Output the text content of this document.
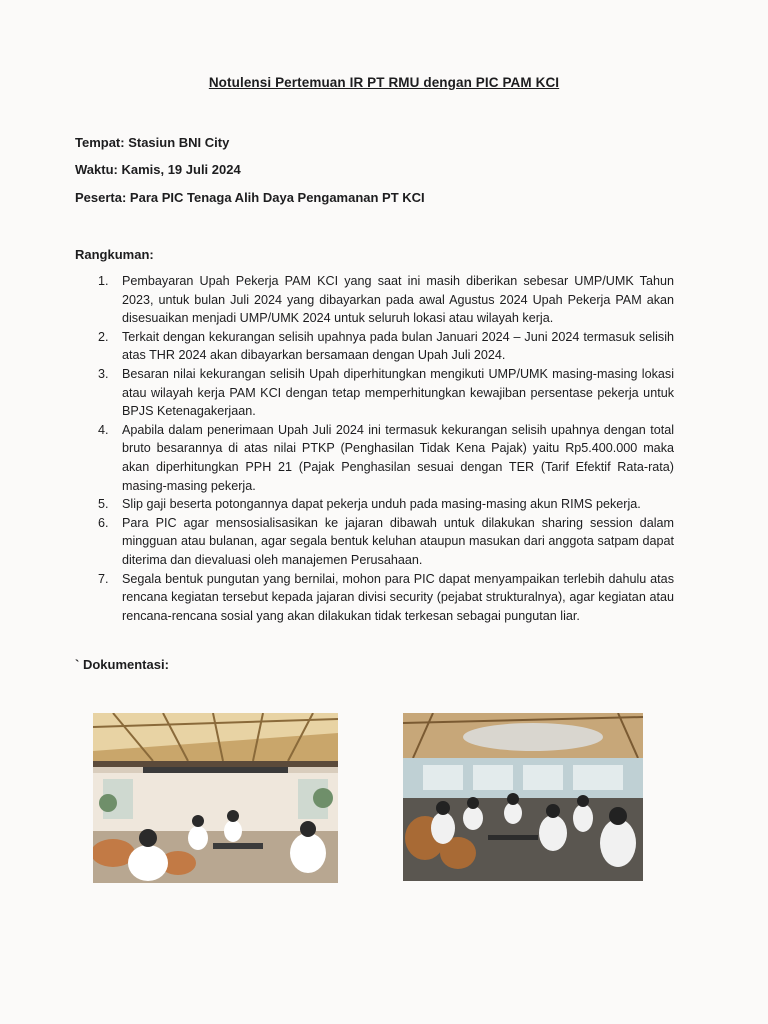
Notulensi Pertemuan IR PT RMU dengan PIC PAM KCI
Tempat: Stasiun BNI City
Waktu: Kamis, 19 Juli 2024
Peserta: Para PIC Tenaga Alih Daya Pengamanan PT KCI
Rangkuman:
1. Pembayaran Upah Pekerja PAM KCI yang saat ini masih diberikan sebesar UMP/UMK Tahun 2023, untuk bulan Juli 2024 yang dibayarkan pada awal Agustus 2024 Upah Pekerja PAM akan disesuaikan menjadi UMP/UMK 2024 untuk seluruh lokasi atau wilayah kerja.
2. Terkait dengan kekurangan selisih upahnya pada bulan Januari 2024 – Juni 2024 termasuk selisih atas THR 2024 akan dibayarkan bersamaan dengan Upah Juli 2024.
3. Besaran nilai kekurangan selisih Upah diperhitungkan mengikuti UMP/UMK masing-masing lokasi atau wilayah kerja PAM KCI dengan tetap memperhitungkan kewajiban persentase pekerja untuk BPJS Ketenagakerjaan.
4. Apabila dalam penerimaan Upah Juli 2024 ini termasuk kekurangan selisih upahnya dengan total bruto besarannya di atas nilai PTKP (Penghasilan Tidak Kena Pajak) yaitu Rp5.400.000 maka akan diperhitungkan PPH 21 (Pajak Penghasilan sesuai dengan TER (Tarif Efektif Rata-rata) masing-masing pekerja.
5. Slip gaji beserta potongannya dapat pekerja unduh pada masing-masing akun RIMS pekerja.
6. Para PIC agar mensosialisasikan ke jajaran dibawah untuk dilakukan sharing session dalam mingguan atau bulanan, agar segala bentuk keluhan ataupun masukan dari anggota satpam dapat diterima dan dievaluasi oleh manajemen Perusahaan.
7. Segala bentuk pungutan yang bernilai, mohon para PIC dapat menyampaikan terlebih dahulu atas rencana kegiatan tersebut kepada jajaran divisi security (pejabat strukturalnya), agar kegiatan atau rencana-rencana sosial yang akan dilakukan tidak terkesan sebagai pungutan liar.
` Dokumentasi:
